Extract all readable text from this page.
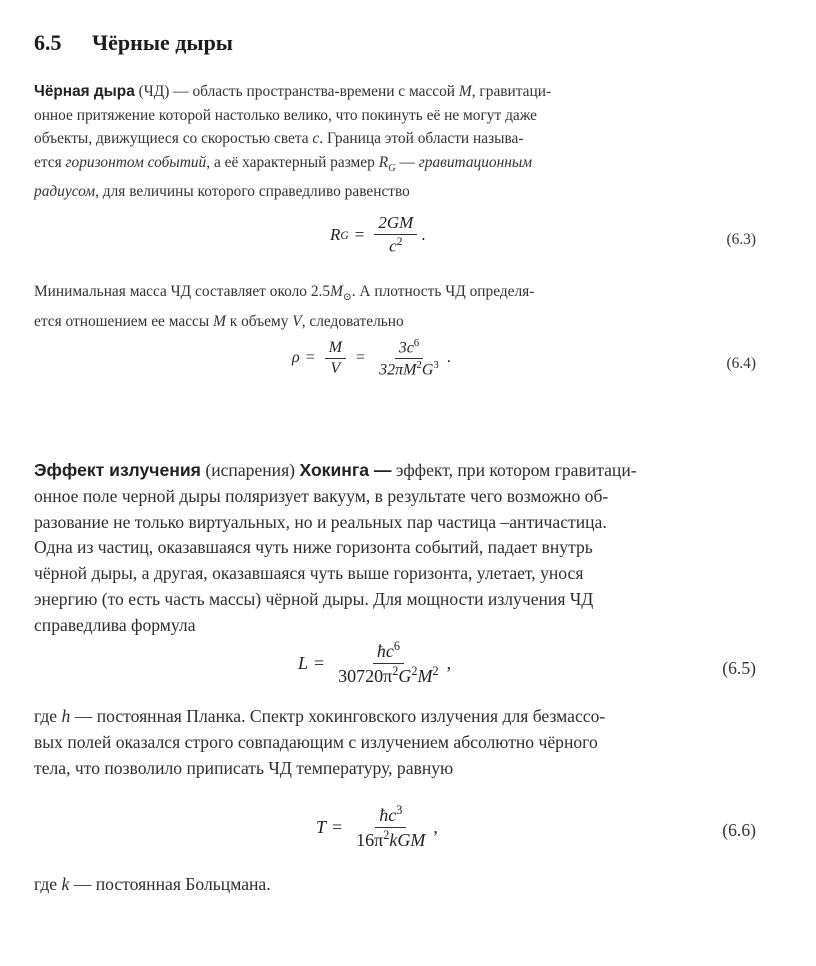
6.5 Чёрные дыры
Чёрная дыра (ЧД) — область пространства-времени с массой M, гравитаци-
онное притяжение которой настолько велико, что покинуть её не могут даже
объекты, движущиеся со скоростью света c. Граница этой области называ-
ется горизонтом событий, а её характерный размер $R_G$ — гравитационным
радиусом, для величины которого справедливо равенство
R $G = \frac{2GM}{c^2}$ .	(6.3)
Минимальная масса ЧД составляет около $2.5M_⊙$. А плотность ЧД определя-
ется отношением ее массы M к объему V, следовательно
$\rho = \frac{M}{V} = \frac{3c^6}{32\pi M^2G^3}$ .	(6.4)
Эффект излучения (испарения) Хокинга — эффект, при котором гравитаци-
онное поле черной дыры поляризует вакуум, в результате чего возможно об-
разование не только виртуальных, но и реальных пар частица –античастица.
Одна из частиц, оказавшаяся чуть ниже горизонта событий, падает внутрь
чёрной дыры, а другая, оказавшаяся чуть выше горизонта, улетает, унося
энергию (то есть часть массы) чёрной дыры. Для мощности излучения ЧД
справедлива формула
$L = \frac{ħc^6}{30720\pi^2G^2M^2}$ ,	(6.5)
где h — постоянная Планка. Спектр хокинговского излучения для безмассо-
вых полей оказался строго совпадающим с излучением абсолютно чёрного
тела, что позволило приписать ЧД температуру, равную
$T = \frac{ħc^3}{16\pi^2kGM}$ ,	(6.6)
где k — постоянная Больцмана.
